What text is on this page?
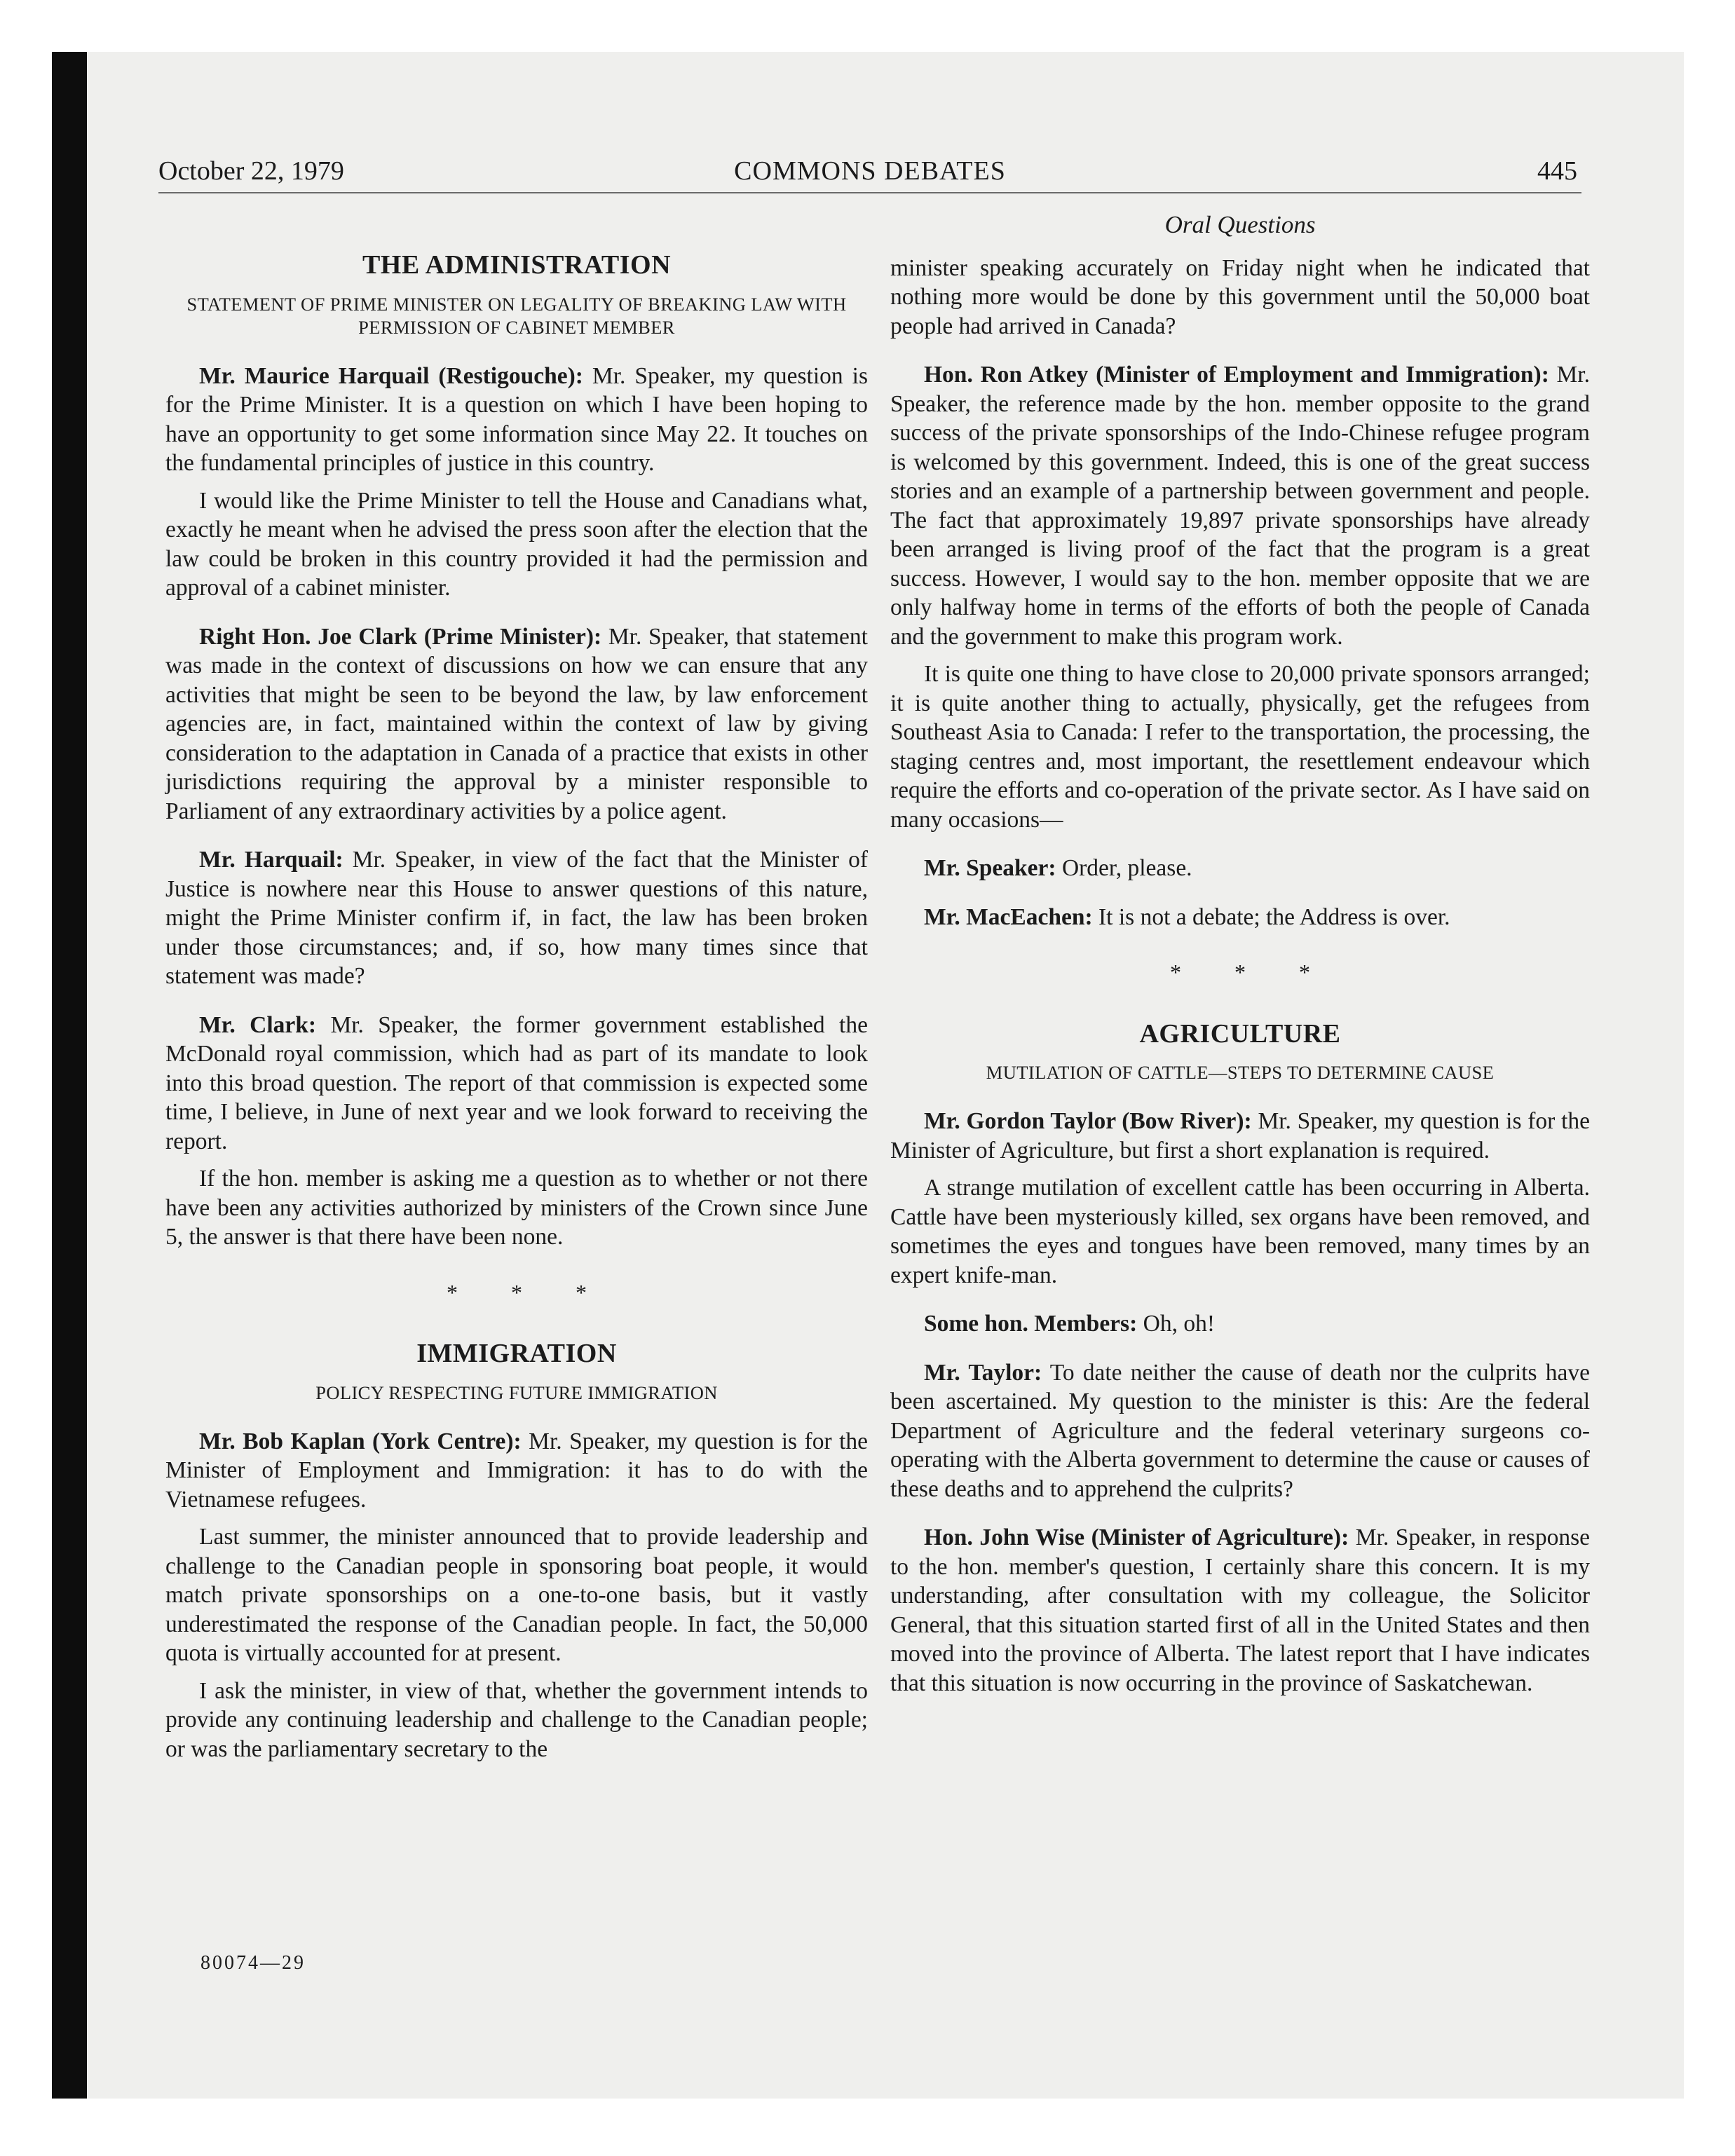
October 22, 1979	COMMONS DEBATES	445
THE ADMINISTRATION
STATEMENT OF PRIME MINISTER ON LEGALITY OF BREAKING LAW WITH PERMISSION OF CABINET MEMBER

Mr. Maurice Harquail (Restigouche): Mr. Speaker, my question is for the Prime Minister. It is a question on which I have been hoping to have an opportunity to get some information since May 22. It touches on the fundamental principles of justice in this country.

I would like the Prime Minister to tell the House and Canadians what, exactly he meant when he advised the press soon after the election that the law could be broken in this country provided it had the permission and approval of a cabinet minister.

Right Hon. Joe Clark (Prime Minister): Mr. Speaker, that statement was made in the context of discussions on how we can ensure that any activities that might be seen to be beyond the law, by law enforcement agencies are, in fact, maintained within the context of law by giving consideration to the adaptation in Canada of a practice that exists in other jurisdictions requiring the approval by a minister responsible to Parliament of any extraordinary activities by a police agent.

Mr. Harquail: Mr. Speaker, in view of the fact that the Minister of Justice is nowhere near this House to answer questions of this nature, might the Prime Minister confirm if, in fact, the law has been broken under those circumstances; and, if so, how many times since that statement was made?

Mr. Clark: Mr. Speaker, the former government established the McDonald royal commission, which had as part of its mandate to look into this broad question. The report of that commission is expected some time, I believe, in June of next year and we look forward to receiving the report.

If the hon. member is asking me a question as to whether or not there have been any activities authorized by ministers of the Crown since June 5, the answer is that there have been none.

* * *
IMMIGRATION
POLICY RESPECTING FUTURE IMMIGRATION

Mr. Bob Kaplan (York Centre): Mr. Speaker, my question is for the Minister of Employment and Immigration: it has to do with the Vietnamese refugees.

Last summer, the minister announced that to provide leadership and challenge to the Canadian people in sponsoring boat people, it would match private sponsorships on a one-to-one basis, but it vastly underestimated the response of the Canadian people. In fact, the 50,000 quota is virtually accounted for at present.

I ask the minister, in view of that, whether the government intends to provide any continuing leadership and challenge to the Canadian people; or was the parliamentary secretary to the

Oral Questions

minister speaking accurately on Friday night when he indicated that nothing more would be done by this government until the 50,000 boat people had arrived in Canada?

Hon. Ron Atkey (Minister of Employment and Immigration): Mr. Speaker, the reference made by the hon. member opposite to the grand success of the private sponsorships of the Indo-Chinese refugee program is welcomed by this government. Indeed, this is one of the great success stories and an example of a partnership between government and people. The fact that approximately 19,897 private sponsorships have already been arranged is living proof of the fact that the program is a great success. However, I would say to the hon. member opposite that we are only halfway home in terms of the efforts of both the people of Canada and the government to make this program work.

It is quite one thing to have close to 20,000 private sponsors arranged; it is quite another thing to actually, physically, get the refugees from Southeast Asia to Canada: I refer to the transportation, the processing, the staging centres and, most important, the resettlement endeavour which require the efforts and co-operation of the private sector. As I have said on many occasions—

Mr. Speaker: Order, please.

Mr. MacEachen: It is not a debate; the Address is over.

* * *
AGRICULTURE
MUTILATION OF CATTLE—STEPS TO DETERMINE CAUSE

Mr. Gordon Taylor (Bow River): Mr. Speaker, my question is for the Minister of Agriculture, but first a short explanation is required.

A strange mutilation of excellent cattle has been occurring in Alberta. Cattle have been mysteriously killed, sex organs have been removed, and sometimes the eyes and tongues have been removed, many times by an expert knife-man.

Some hon. Members: Oh, oh!

Mr. Taylor: To date neither the cause of death nor the culprits have been ascertained. My question to the minister is this: Are the federal Department of Agriculture and the federal veterinary surgeons co-operating with the Alberta government to determine the cause or causes of these deaths and to apprehend the culprits?

Hon. John Wise (Minister of Agriculture): Mr. Speaker, in response to the hon. member's question, I certainly share this concern. It is my understanding, after consultation with my colleague, the Solicitor General, that this situation started first of all in the United States and then moved into the province of Alberta. The latest report that I have indicates that this situation is now occurring in the province of Saskatchewan.

80074—29
